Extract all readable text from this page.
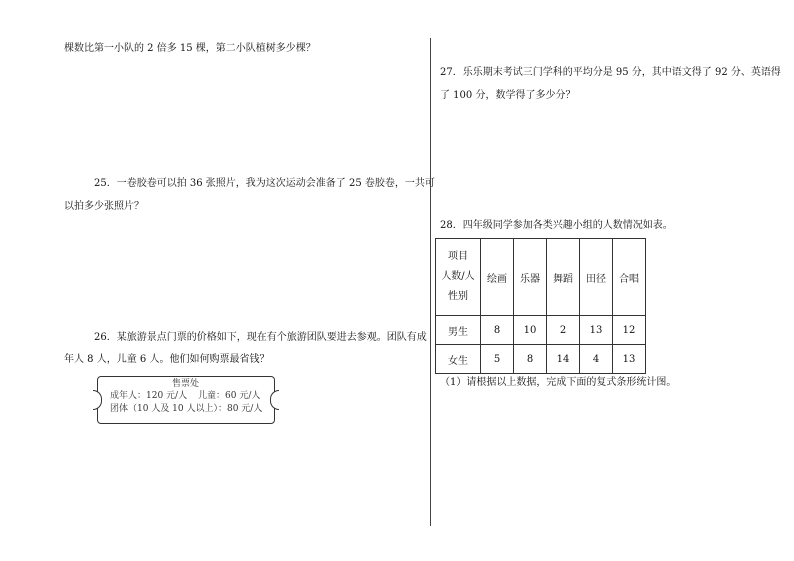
棵数比第一小队的 2 倍多 15 棵，第二小队植树多少棵？
25．一卷胶卷可以拍 36 张照片，我为这次运动会准备了 25 卷胶卷，一共可
以拍多少张照片？
26．某旅游景点门票的价格如下，现在有个旅游团队要进去参观。团队有成
年人 8 人，儿童 6 人。他们如何购票最省钱？
售票处
成年人：120 元/人 儿童：60 元/人
团体（10 人及 10 人以上）：80 元/人
27．乐乐期末考试三门学科的平均分是 95 分，其中语文得了 92 分、英语得
了 100 分，数学得了多少分？
28．四年级同学参加各类兴趣小组的人数情况如表。
项目
人数/人
性别	绘画	乐器	舞蹈	田径	合唱
男生	8	10	2	13	12
女生	5	8	14	4	13
（1）请根据以上数据，完成下面的复式条形统计图。
